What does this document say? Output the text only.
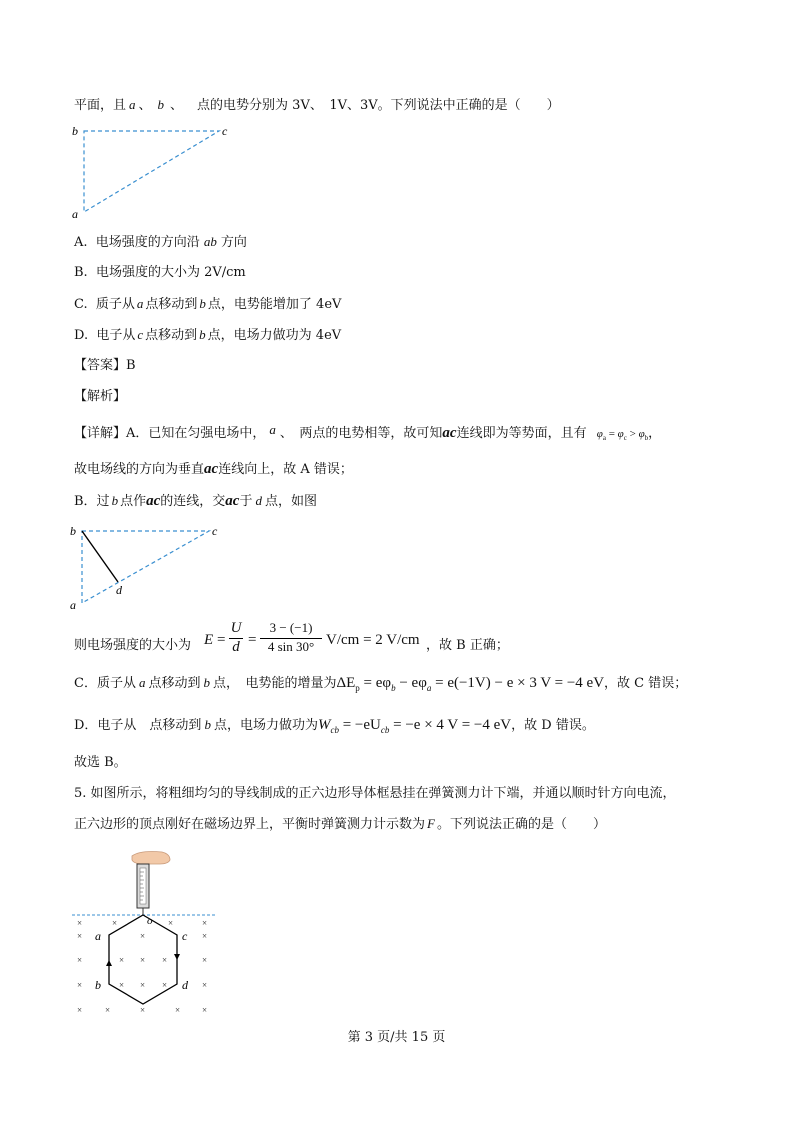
平面，且 a 、 b 、 点的电势分别为 3V、　1V、3V。下列说法中正确的是（　　）
b	c
a
A. 电场强度的方向沿 ab 方向
B. 电场强度的大小为 2V/cm
C. 质子从 a 点移动到 b 点，电势能增加了 4eV
D. 电子从 c 点移动到 b 点，电场力做功为 4eV
【答案】B
【解析】
【详解】A．已知在匀强电场中， a 、　两点的电势相等，故可知ac连线即为等势面，且有 $\varphi_a = \varphi_c > \varphi_b$，
故电场线的方向为垂直ac连线向上，故 A 错误；
B．过 b 点作ac的连线，交ac于 d 点，如图
b	c
a
d
则电场强度的大小为 E =
U
d =
3 − (−1)
4 sin 30° V/cm = 2 V/cm ，故 B 正确；
C．质子从 a 点移动到 b 点，　电势能的增量为$\Delta E_p = e\varphi_b - e\varphi_a = e(-1V) - e \times 3$ V = −4 eV，故 C 错误；
D．电子从　点移动到 b 点，电场力做功为$W_{cb} = -eU_{cb} = -e \times 4$ V = −4 eV，故 D 错误。
故选 B。
5. 如图所示，将粗细均匀的导线制成的正六边形导体框悬挂在弹簧测力计下端，并通以顺时针方向电流，
正六边形的顶点刚好在磁场边界上，平衡时弹簧测力计示数为 F 。下列说法正确的是（　　）
o
a	c
b	d
×	×	×	×
×	×	×
×	× × ×	×
×	× × ×	×
×	×	×	× ×
第 3 页/共 15 页
